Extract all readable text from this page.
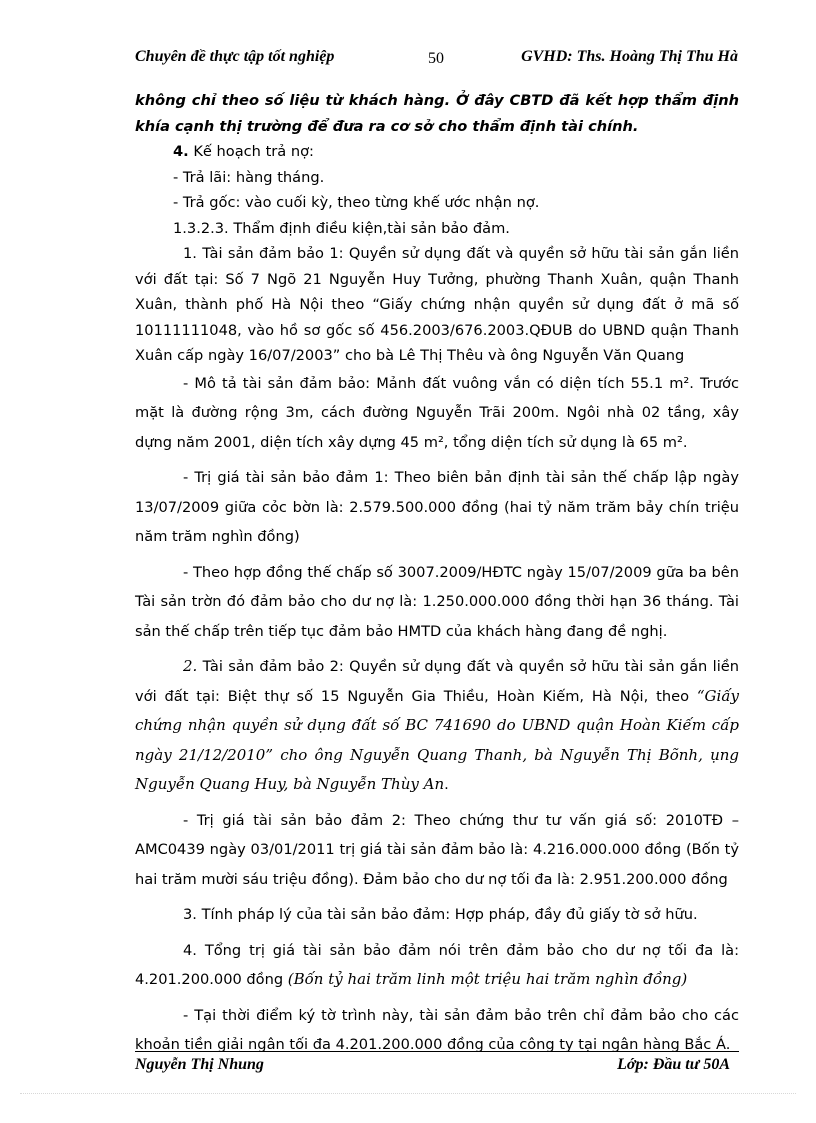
Chuyên đề thực tập tốt nghiệp	50	GVHD: Ths. Hoàng Thị Thu Hà

không chỉ theo số liệu từ khách hàng. Ở đây CBTD đã kết hợp thẩm định khía cạnh thị trường để đưa ra cơ sở cho thẩm định tài chính.

4. Kế hoạch trả nợ:

- Trả lãi: hàng tháng.

- Trả gốc: vào cuối kỳ, theo từng khế ước nhận nợ.

1.3.2.3. Thẩm định điều kiện,tài sản bảo đảm.

1. Tài sản đảm bảo 1: Quyền sử dụng đất và quyền sở hữu tài sản gắn liền với đất tại: Số 7 Ngõ 21 Nguyễn Huy Tưởng, phường Thanh Xuân, quận Thanh Xuân, thành phố Hà Nội theo “Giấy chứng nhận quyền sử dụng đất ở mã số 10111111048, vào hồ sơ gốc số 456.2003/676.2003.QĐUB do UBND quận Thanh Xuân cấp ngày 16/07/2003” cho bà Lê Thị Thêu và ông Nguyễn Văn Quang

- Mô tả tài sản đảm bảo: Mảnh đất vuông vắn có diện tích 55.1 m². Trước mặt là đường rộng 3m, cách đường Nguyễn Trãi 200m. Ngôi nhà 02 tầng, xây dựng năm 2001, diện tích xây dựng 45 m², tổng diện tích sử dụng là 65 m².

- Trị giá tài sản bảo đảm 1: Theo biên bản định tài sản thế chấp lập ngày 13/07/2009 giữa cỏc bờn là: 2.579.500.000 đồng (hai tỷ năm trăm bảy chín triệu năm trăm nghìn đồng)

- Theo hợp đồng thế chấp số 3007.2009/HĐTC ngày 15/07/2009 gữa ba bên Tài sản trờn đó đảm bảo cho dư nợ là: 1.250.000.000 đồng thời hạn 36 tháng. Tài sản thế chấp trên tiếp tục đảm bảo HMTD của khách hàng đang đề nghị.

2. Tài sản đảm bảo 2: Quyền sử dụng đất và quyền sở hữu tài sản gắn liền với đất tại: Biệt thự số 15 Nguyễn Gia Thiều, Hoàn Kiếm, Hà Nội, theo “Giấy chứng nhận quyền sử dụng đất số BC 741690 do UBND quận Hoàn Kiếm cấp ngày 21/12/2010” cho ông Nguyễn Quang Thanh, bà Nguyễn Thị Bõnh, ụng Nguyễn Quang Huy, bà Nguyễn Thùy An.

- Trị giá tài sản bảo đảm 2: Theo chứng thư tư vấn giá số: 2010TĐ – AMC0439 ngày 03/01/2011 trị giá tài sản đảm bảo là: 4.216.000.000 đồng (Bốn tỷ hai trăm mười sáu triệu đồng). Đảm bảo cho dư nợ tối đa là: 2.951.200.000 đồng

3. Tính pháp lý của tài sản bảo đảm: Hợp pháp, đầy đủ giấy tờ sở hữu.

4. Tổng trị giá tài sản bảo đảm nói trên đảm bảo cho dư nợ tối đa là: 4.201.200.000 đồng (Bốn tỷ hai trăm linh một triệu hai trăm nghìn đồng)

- Tại thời điểm ký tờ trình này, tài sản đảm bảo trên chỉ đảm bảo cho các khoản tiền giải ngân tối đa 4.201.200.000 đồng của công ty tại ngân hàng Bắc Á.

Nguyễn Thị Nhung	Lớp: Đầu tư 50A
